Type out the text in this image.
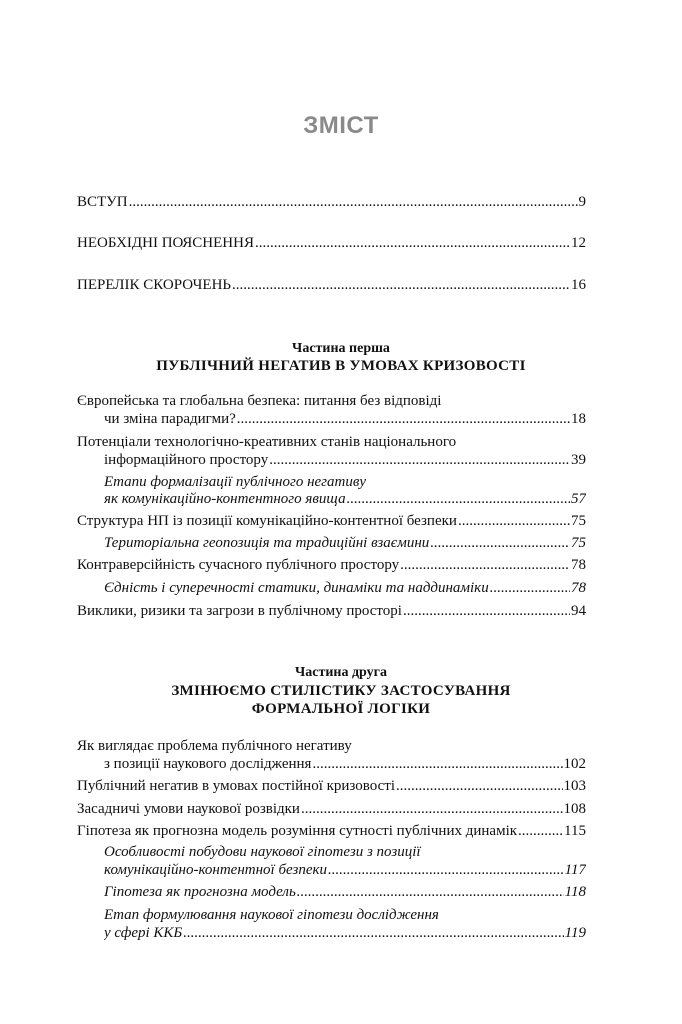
ЗМІСТ
ВСТУП .....	9
НЕОБХІДНІ ПОЯСНЕННЯ .....	12
ПЕРЕЛІК СКОРОЧЕНЬ .....	16
Частина перша
ПУБЛІЧНИЙ НЕГАТИВ В УМОВАХ КРИЗОВОСТІ
Європейська та глобальна безпека: питання без відповіді
чи зміна парадигми? .....	18
Потенціали технологічно-креативних станів національного
інформаційного простору .....	39
Етапи формалізації публічного негативу
як комунікаційно-контентного явища .....	57
Структура НП із позиції комунікаційно-контентної безпеки .....	75
Територіальна геопозиція та традиційні взаємини .....	75
Контраверсійність сучасного публічного простору .....	78
Єдність і суперечності статики, динаміки та наддинаміки .....	78
Виклики, ризики та загрози в публічному просторі .....	94
Частина друга
ЗМІНЮЄМО СТИЛІСТИКУ ЗАСТОСУВАННЯ
ФОРМАЛЬНОЇ ЛОГІКИ
Як виглядає проблема публічного негативу
з позиції наукового дослідження .....	102
Публічний негатив в умовах постійної кризовості .....	103
Засадничі умови наукової розвідки .....	108
Гіпотеза як прогнозна модель розуміння сутності публічних динамік .....	115
Особливості побудови наукової гіпотези з позиції
комунікаційно-контентної безпеки .....	117
Гіпотеза як прогнозна модель .....	118
Етап формулювання наукової гіпотези дослідження
у сфері ККБ .....	119
